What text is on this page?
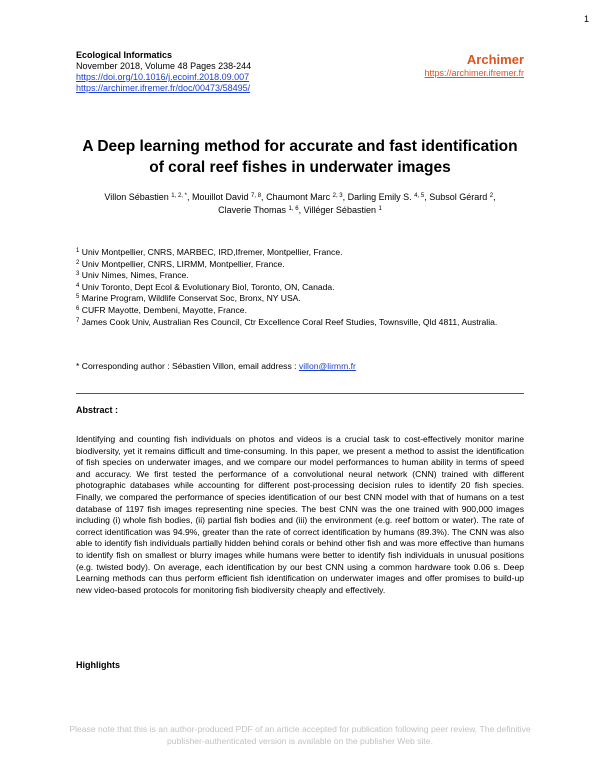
1
Ecological Informatics
November 2018, Volume 48 Pages 238-244
https://doi.org/10.1016/j.ecoinf.2018.09.007
https://archimer.ifremer.fr/doc/00473/58495/
Archimer
https://archimer.ifremer.fr
A Deep learning method for accurate and fast identification
of coral reef fishes in underwater images
Villon Sébastien $^{1, 2, *}$, Mouillot David $^{7, 8}$, Chaumont Marc $^{2, 3}$, Darling Emily S. $^{4, 5}$, Subsol Gérard $^2$,
Claverie Thomas $^{1, 6}$, Villéger Sébastien $^1$

$^1$ Univ Montpellier, CNRS, MARBEC, IRD,Ifremer, Montpellier, France.

$^2$ Univ Montpellier, CNRS, LIRMM, Montpellier, France.

$^3$ Univ Nimes, Nimes, France.

$^4$ Univ Toronto, Dept Ecol & Evolutionary Biol, Toronto, ON, Canada.

$^5$ Marine Program, Wildlife Conservat Soc, Bronx, NY USA.

$^6$ CUFR Mayotte, Dembeni, Mayotte, France.

$^7$ James Cook Univ, Australian Res Council, Ctr Excellence Coral Reef Studies, Townsville, Qld 4811, Australia.

* Corresponding author : Sébastien Villon, email address : villon@lirmm.fr
Abstract :
Identifying and counting fish individuals on photos and videos is a crucial task to cost-effectively monitor marine biodiversity, yet it remains difficult and time-consuming. In this paper, we present a method to assist the identification of fish species on underwater images, and we compare our model performances to human ability in terms of speed and accuracy. We first tested the performance of a convolutional neural network (CNN) trained with different photographic databases while accounting for different post-processing decision rules to identify 20 fish species. Finally, we compared the performance of species identification of our best CNN model with that of humans on a test database of 1197 fish images representing nine species. The best CNN was the one trained with 900,000 images including (i) whole fish bodies, (ii) partial fish bodies and (iii) the environment (e.g. reef bottom or water). The rate of correct identification was 94.9%, greater than the rate of correct identification by humans (89.3%). The CNN was also able to identify fish individuals partially hidden behind corals or behind other fish and was more effective than humans to identify fish on smallest or blurry images while humans were better to identify fish individuals in unusual positions (e.g. twisted body). On average, each identification by our best CNN using a common hardware took 0.06 s. Deep Learning methods can thus perform efficient fish identification on underwater images and offer promises to build-up new video-based protocols for monitoring fish biodiversity cheaply and effectively.
Highlights
Please note that this is an author-produced PDF of an article accepted for publication following peer review. The definitive
publisher-authenticated version is available on the publisher Web site.
